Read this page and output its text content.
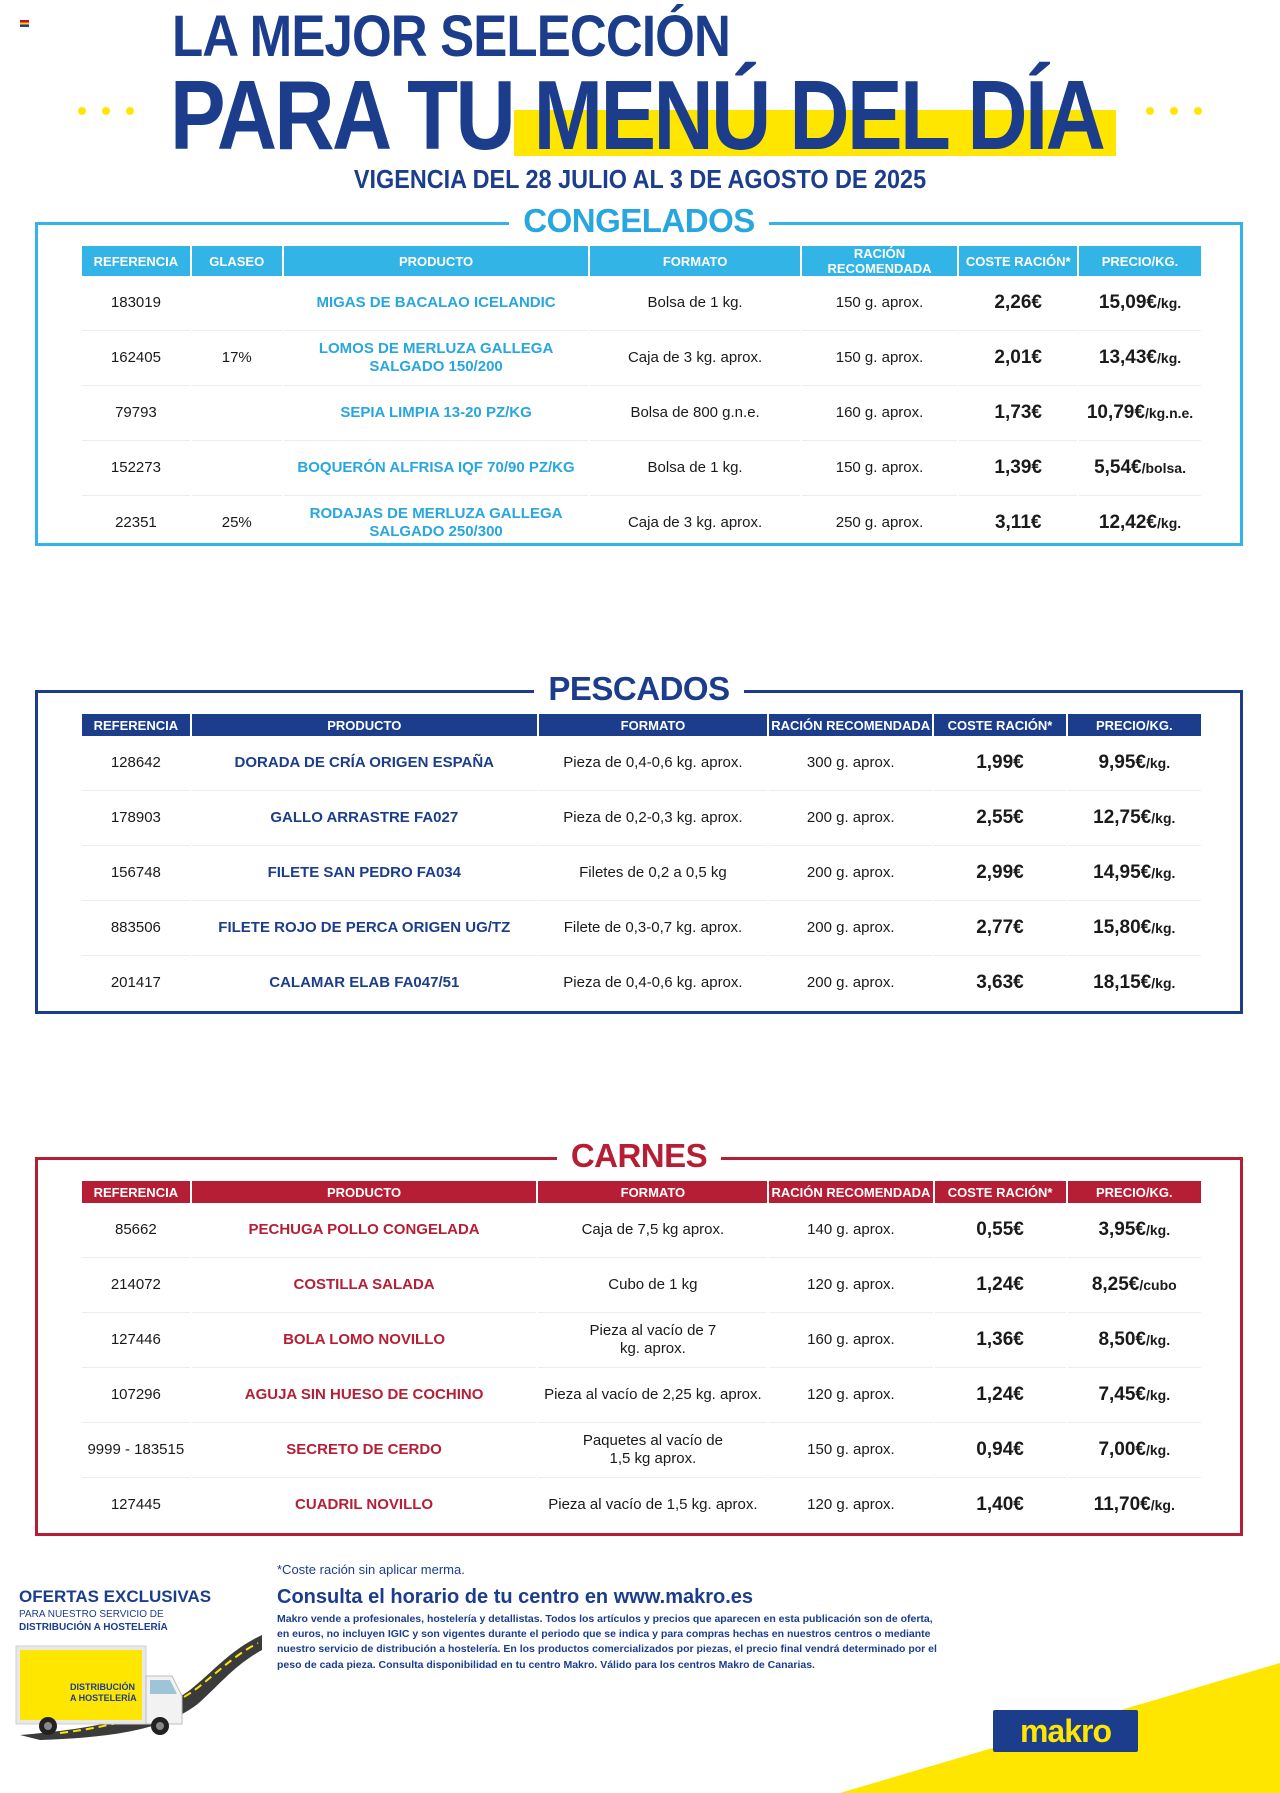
LA MEJOR SELECCIÓN
PARA TU MENÚ DEL DÍA
VIGENCIA DEL 28 JULIO AL 3 DE AGOSTO DE 2025
CONGELADOS
REFERENCIA	GLASEO	PRODUCTO	FORMATO	RACIÓN RECOMENDADA	COSTE RACIÓN*	PRECIO/KG.
183019		MIGAS DE BACALAO ICELANDIC	Bolsa de 1 kg.	150 g. aprox.	2,26€	15,09€/kg.
162405	17%	LOMOS DE MERLUZA GALLEGA SALGADO 150/200	Caja de 3 kg. aprox.	150 g. aprox.	2,01€	13,43€/kg.
79793		SEPIA LIMPIA 13-20 PZ/KG	Bolsa de 800 g.n.e.	160 g. aprox.	1,73€	10,79€/kg.n.e.
152273		BOQUERÓN ALFRISA IQF 70/90 PZ/KG	Bolsa de 1 kg.	150 g. aprox.	1,39€	5,54€/bolsa.
22351	25%	RODAJAS DE MERLUZA GALLEGA SALGADO 250/300	Caja de 3 kg. aprox.	250 g. aprox.	3,11€	12,42€/kg.
PESCADOS
REFERENCIA	PRODUCTO	FORMATO	RACIÓN RECOMENDADA	COSTE RACIÓN*	PRECIO/KG.
128642	DORADA DE CRÍA ORIGEN ESPAÑA	Pieza de 0,4-0,6 kg. aprox.	300 g. aprox.	1,99€	9,95€/kg.
178903	GALLO ARRASTRE FA027	Pieza de 0,2-0,3 kg. aprox.	200 g. aprox.	2,55€	12,75€/kg.
156748	FILETE SAN PEDRO FA034	Filetes de 0,2 a 0,5 kg	200 g. aprox.	2,99€	14,95€/kg.
883506	FILETE ROJO DE PERCA ORIGEN UG/TZ	Filete de 0,3-0,7 kg. aprox.	200 g. aprox.	2,77€	15,80€/kg.
201417	CALAMAR ELAB FA047/51	Pieza de 0,4-0,6 kg. aprox.	200 g. aprox.	3,63€	18,15€/kg.
CARNES
REFERENCIA	PRODUCTO	FORMATO	RACIÓN RECOMENDADA	COSTE RACIÓN*	PRECIO/KG.
85662	PECHUGA POLLO CONGELADA	Caja de 7,5 kg aprox.	140 g. aprox.	0,55€	3,95€/kg.
214072	COSTILLA SALADA	Cubo de 1 kg	120 g. aprox.	1,24€	8,25€/cubo
127446	BOLA LOMO NOVILLO	Pieza al vacío de 7 kg. aprox.	160 g. aprox.	1,36€	8,50€/kg.
107296	AGUJA SIN HUESO DE COCHINO	Pieza al vacío de 2,25 kg. aprox.	120 g. aprox.	1,24€	7,45€/kg.
9999 - 183515	SECRETO DE CERDO	Paquetes al vacío de 1,5 kg aprox.	150 g. aprox.	0,94€	7,00€/kg.
127445	CUADRIL NOVILLO	Pieza al vacío de 1,5 kg. aprox.	120 g. aprox.	1,40€	11,70€/kg.
DISTRIBUCIÓN
A HOSTELERÍA
OFERTAS EXCLUSIVAS
PARA NUESTRO SERVICIO DE
DISTRIBUCIÓN A HOSTELERÍA
*Coste ración sin aplicar merma.
Consulta el horario de tu centro en www.makro.es
Makro vende a profesionales, hostelería y detallistas. Todos los artículos y precios que aparecen en esta publicación son de oferta, en euros, no incluyen IGIC y son vigentes durante el periodo que se indica y para compras hechas en nuestros centros o mediante nuestro servicio de distribución a hostelería. En los productos comercializados por piezas, el precio final vendrá determinado por el peso de cada pieza. Consulta disponibilidad en tu centro Makro. Válido para los centros Makro de Canarias.
makro
